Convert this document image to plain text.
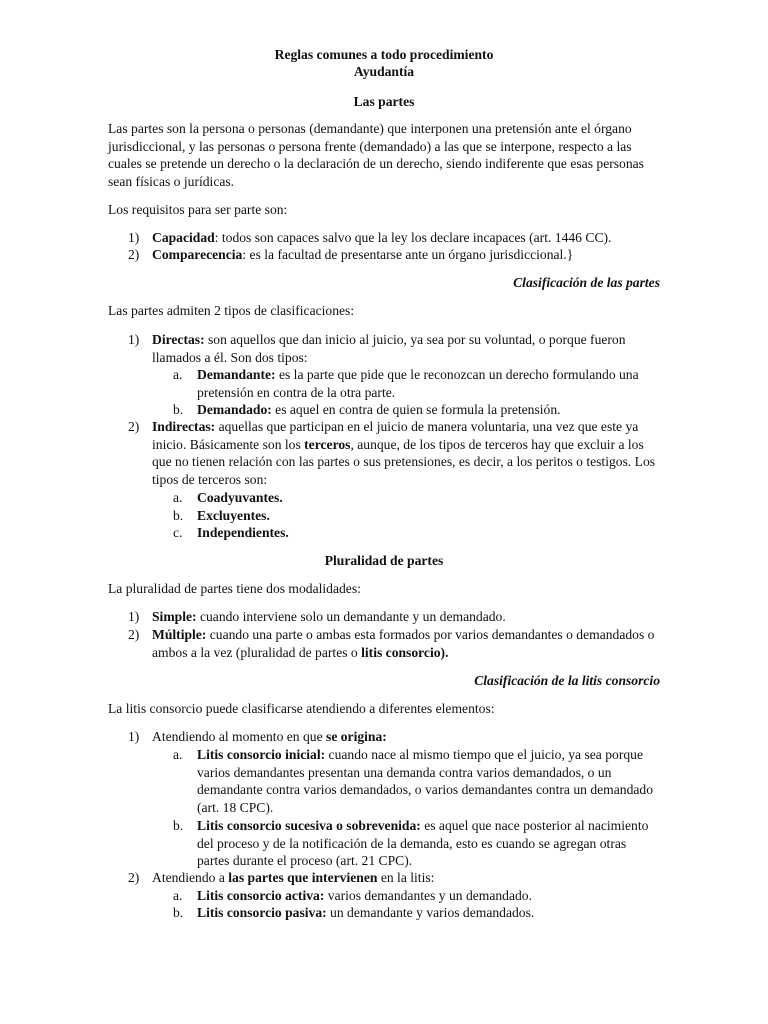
Reglas comunes a todo procedimiento
Ayudantía
Las partes

Las partes son la persona o personas (demandante) que interponen una pretensión ante el órgano jurisdiccional, y las personas o persona frente (demandado) a las que se interpone, respecto a las cuales se pretende un derecho o la declaración de un derecho, siendo indiferente que esas personas sean físicas o jurídicas.

Los requisitos para ser parte son:

1) Capacidad: todos son capaces salvo que la ley los declare incapaces (art. 1446 CC).
2) Comparecencia: es la facultad de presentarse ante un órgano jurisdiccional.}
Clasificación de las partes

Las partes admiten 2 tipos de clasificaciones:

1) Directas: son aquellos que dan inicio al juicio, ya sea por su voluntad, o porque fueron llamados a él. Son dos tipos:
a. Demandante: es la parte que pide que le reconozcan un derecho formulando una pretensión en contra de la otra parte.
b. Demandado: es aquel en contra de quien se formula la pretensión.
2) Indirectas: aquellas que participan en el juicio de manera voluntaria, una vez que este ya inicio. Básicamente son los terceros, aunque, de los tipos de terceros hay que excluir a los que no tienen relación con las partes o sus pretensiones, es decir, a los peritos o testigos. Los tipos de terceros son:
a. Coadyuvantes.
b. Excluyentes.
c. Independientes.
Pluralidad de partes

La pluralidad de partes tiene dos modalidades:

1) Simple: cuando interviene solo un demandante y un demandado.
2) Múltiple: cuando una parte o ambas esta formados por varios demandantes o demandados o ambos a la vez (pluralidad de partes o litis consorcio).
Clasificación de la litis consorcio

La litis consorcio puede clasificarse atendiendo a diferentes elementos:

1) Atendiendo al momento en que se origina:
a. Litis consorcio inicial: cuando nace al mismo tiempo que el juicio, ya sea porque varios demandantes presentan una demanda contra varios demandados, o un demandante contra varios demandados, o varios demandantes contra un demandado (art. 18 CPC).
b. Litis consorcio sucesiva o sobrevenida: es aquel que nace posterior al nacimiento del proceso y de la notificación de la demanda, esto es cuando se agregan otras partes durante el proceso (art. 21 CPC).
2) Atendiendo a las partes que intervienen en la litis:
a. Litis consorcio activa: varios demandantes y un demandado.
b. Litis consorcio pasiva: un demandante y varios demandados.
